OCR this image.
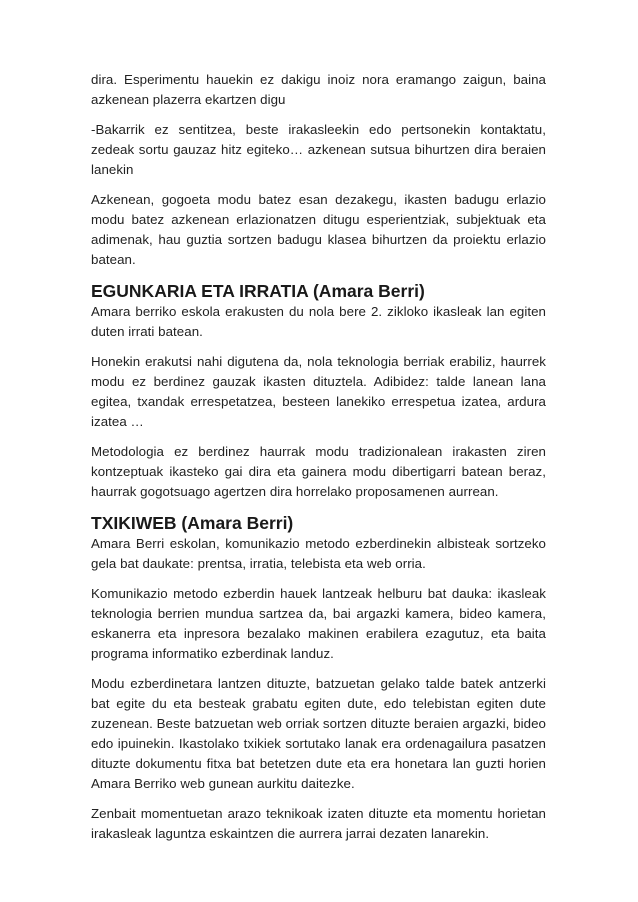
dira. Esperimentu hauekin ez dakigu inoiz nora eramango zaigun, baina azkenean plazerra ekartzen digu

-Bakarrik ez sentitzea, beste irakasleekin edo pertsonekin kontaktatu, zedeak sortu gauzaz hitz egiteko… azkenean sutsua bihurtzen dira beraien lanekin

Azkenean, gogoeta modu batez esan dezakegu, ikasten badugu erlazio modu batez azkenean erlazionatzen ditugu esperientziak, subjektuak eta adimenak, hau guztia sortzen badugu klasea bihurtzen da proiektu erlazio batean.

EGUNKARIA ETA IRRATIA (Amara Berri)

Amara berriko eskola erakusten du nola bere 2. zikloko ikasleak lan egiten duten irrati batean.

Honekin erakutsi nahi digutena da, nola teknologia berriak erabiliz, haurrek modu ez berdinez gauzak ikasten dituztela. Adibidez: talde lanean lana egitea, txandak errespetatzea, besteen lanekiko errespetua izatea, ardura izatea …

Metodologia ez berdinez haurrak modu tradizionalean irakasten ziren kontzeptuak ikasteko gai dira eta gainera modu dibertigarri batean beraz, haurrak gogotsuago agertzen dira horrelako proposamenen aurrean.

TXIKIWEB (Amara Berri)

Amara Berri eskolan, komunikazio metodo ezberdinekin albisteak sortzeko gela bat daukate: prentsa, irratia, telebista eta web orria.

Komunikazio metodo ezberdin hauek lantzeak helburu bat dauka: ikasleak teknologia berrien mundua sartzea da, bai argazki kamera, bideo kamera, eskanerra eta inpresora bezalako makinen erabilera ezagutuz, eta baita programa informatiko ezberdinak landuz.

Modu ezberdinetara lantzen dituzte, batzuetan gelako talde batek antzerki bat egite du eta besteak grabatu egiten dute, edo telebistan egiten dute zuzenean. Beste batzuetan web orriak sortzen dituzte beraien argazki, bideo edo ipuinekin. Ikastolako txikiek sortutako lanak era ordenagailura pasatzen dituzte dokumentu fitxa bat betetzen dute eta era honetara lan guzti horien Amara Berriko web gunean aurkitu daitezke.

Zenbait momentuetan arazo teknikoak izaten dituzte eta momentu horietan irakasleak laguntza eskaintzen die aurrera jarrai dezaten lanarekin.
